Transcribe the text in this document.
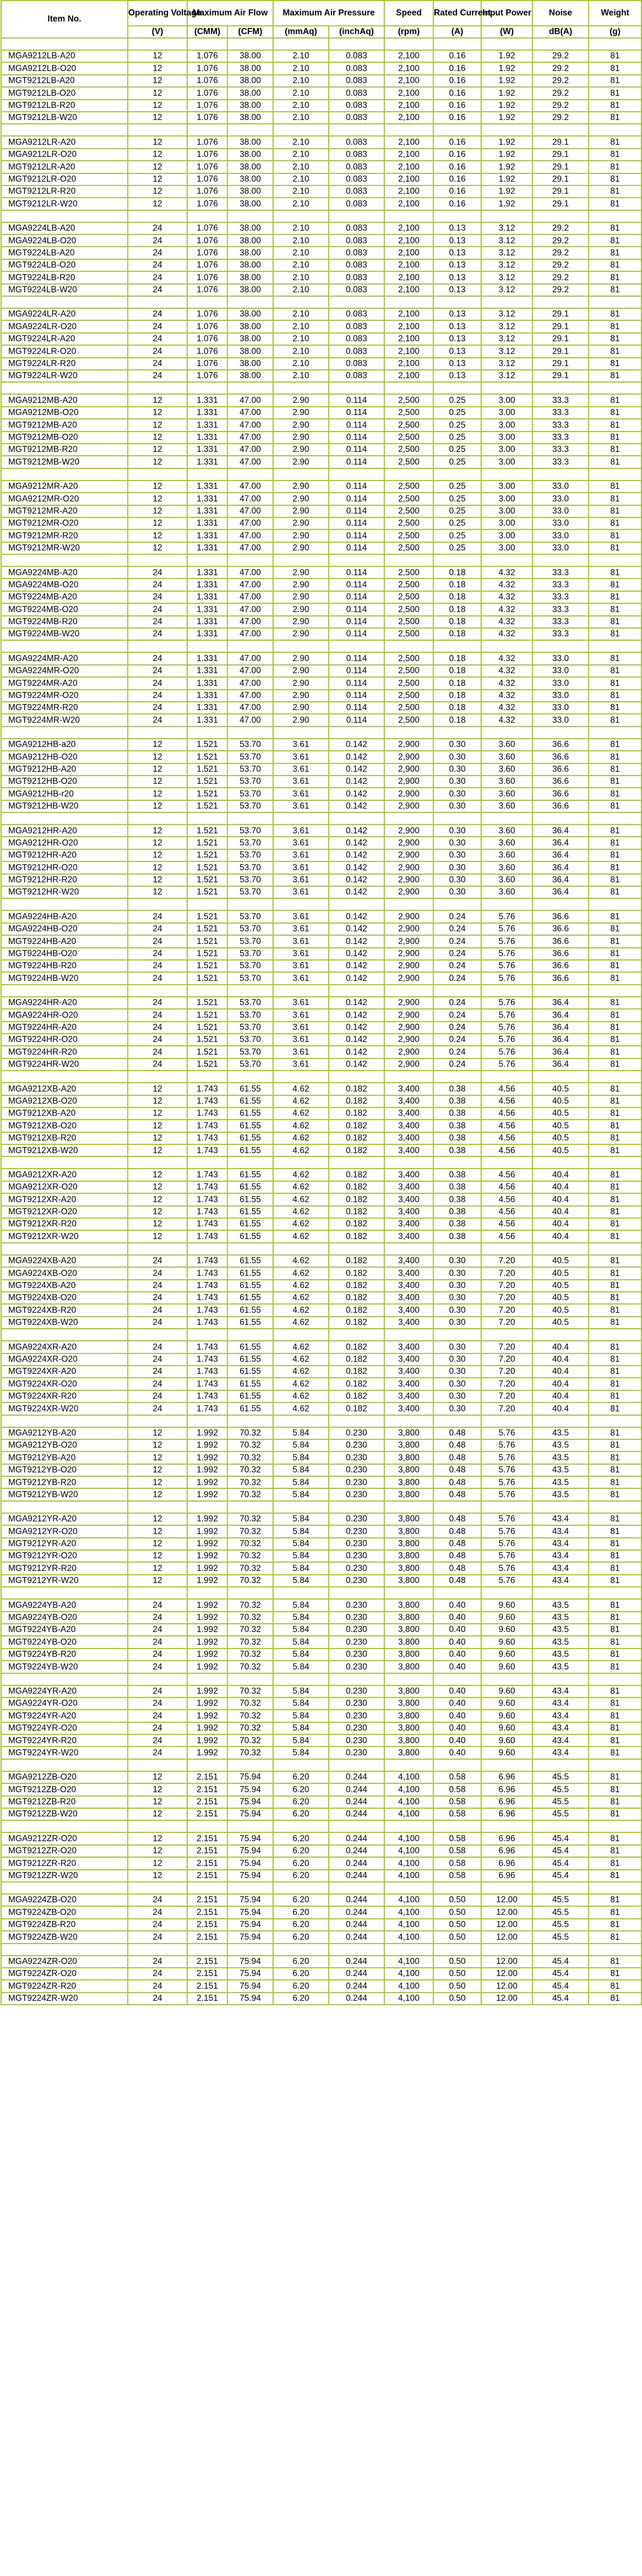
Item No.	Operating Voltage	Maximum Air Flow		Maximum Air Pressure		Speed	Rated Current	Input Power	Noise	Weight
	(V)	(CMM)	(CFM)	(mmAq)	(inchAq)	(rpm)	(A)	(W)	dB(A)	(g)

MGA9212LB-A20	12	1.076	38.00	2.10	0.083	2,100	0.16	1.92	29.2	81
MGA9212LB-O20	12	1.076	38.00	2.10	0.083	2,100	0.16	1.92	29.2	81
MGT9212LB-A20	12	1.076	38.00	2.10	0.083	2,100	0.16	1.92	29.2	81
MGT9212LB-O20	12	1.076	38.00	2.10	0.083	2,100	0.16	1.92	29.2	81
MGT9212LB-R20	12	1.076	38.00	2.10	0.083	2,100	0.16	1.92	29.2	81
MGT9212LB-W20	12	1.076	38.00	2.10	0.083	2,100	0.16	1.92	29.2	81

MGA9212LR-A20	12	1.076	38.00	2.10	0.083	2,100	0.16	1.92	29.1	81
MGA9212LR-O20	12	1.076	38.00	2.10	0.083	2,100	0.16	1.92	29.1	81
MGT9212LR-A20	12	1.076	38.00	2.10	0.083	2,100	0.16	1.92	29.1	81
MGT9212LR-O20	12	1.076	38.00	2.10	0.083	2,100	0.16	1.92	29.1	81
MGT9212LR-R20	12	1.076	38.00	2.10	0.083	2,100	0.16	1.92	29.1	81
MGT9212LR-W20	12	1.076	38.00	2.10	0.083	2,100	0.16	1.92	29.1	81

MGA9224LB-A20	24	1.076	38.00	2.10	0.083	2,100	0.13	3.12	29.2	81
MGA9224LB-O20	24	1.076	38.00	2.10	0.083	2,100	0.13	3.12	29.2	81
MGT9224LB-A20	24	1.076	38.00	2.10	0.083	2,100	0.13	3.12	29.2	81
MGT9224LB-O20	24	1.076	38.00	2.10	0.083	2,100	0.13	3.12	29.2	81
MGT9224LB-R20	24	1.076	38.00	2.10	0.083	2,100	0.13	3.12	29.2	81
MGT9224LB-W20	24	1.076	38.00	2.10	0.083	2,100	0.13	3.12	29.2	81

MGA9224LR-A20	24	1.076	38.00	2.10	0.083	2,100	0.13	3.12	29.1	81
MGA9224LR-O20	24	1.076	38.00	2.10	0.083	2,100	0.13	3.12	29.1	81
MGT9224LR-A20	24	1.076	38.00	2.10	0.083	2,100	0.13	3.12	29.1	81
MGT9224LR-O20	24	1.076	38.00	2.10	0.083	2,100	0.13	3.12	29.1	81
MGT9224LR-R20	24	1.076	38.00	2.10	0.083	2,100	0.13	3.12	29.1	81
MGT9224LR-W20	24	1.076	38.00	2.10	0.083	2,100	0.13	3.12	29.1	81

MGA9212MB-A20	12	1.331	47.00	2.90	0.114	2,500	0.25	3.00	33.3	81
MGA9212MB-O20	12	1.331	47.00	2.90	0.114	2,500	0.25	3.00	33.3	81
MGT9212MB-A20	12	1.331	47.00	2.90	0.114	2,500	0.25	3.00	33.3	81
MGT9212MB-O20	12	1.331	47.00	2.90	0.114	2,500	0.25	3.00	33.3	81
MGT9212MB-R20	12	1.331	47.00	2.90	0.114	2,500	0.25	3.00	33.3	81
MGT9212MB-W20	12	1.331	47.00	2.90	0.114	2,500	0.25	3.00	33.3	81

MGA9212MR-A20	12	1.331	47.00	2.90	0.114	2,500	0.25	3.00	33.0	81
MGA9212MR-O20	12	1.331	47.00	2.90	0.114	2,500	0.25	3.00	33.0	81
MGT9212MR-A20	12	1.331	47.00	2.90	0.114	2,500	0.25	3.00	33.0	81
MGT9212MR-O20	12	1.331	47.00	2.90	0.114	2,500	0.25	3.00	33.0	81
MGT9212MR-R20	12	1.331	47.00	2.90	0.114	2,500	0.25	3.00	33.0	81
MGT9212MR-W20	12	1.331	47.00	2.90	0.114	2,500	0.25	3.00	33.0	81

MGA9224MB-A20	24	1.331	47.00	2.90	0.114	2,500	0.18	4.32	33.3	81
MGA9224MB-O20	24	1.331	47.00	2.90	0.114	2,500	0.18	4.32	33.3	81
MGT9224MB-A20	24	1.331	47.00	2.90	0.114	2,500	0.18	4.32	33.3	81
MGT9224MB-O20	24	1.331	47.00	2.90	0.114	2,500	0.18	4.32	33.3	81
MGT9224MB-R20	24	1.331	47.00	2.90	0.114	2,500	0.18	4.32	33.3	81
MGT9224MB-W20	24	1.331	47.00	2.90	0.114	2,500	0.18	4.32	33.3	81

MGA9224MR-A20	24	1.331	47.00	2.90	0.114	2,500	0.18	4.32	33.0	81
MGA9224MR-O20	24	1.331	47.00	2.90	0.114	2,500	0.18	4.32	33.0	81
MGT9224MR-A20	24	1.331	47.00	2.90	0.114	2,500	0.18	4.32	33.0	81
MGT9224MR-O20	24	1.331	47.00	2.90	0.114	2,500	0.18	4.32	33.0	81
MGT9224MR-R20	24	1.331	47.00	2.90	0.114	2,500	0.18	4.32	33.0	81
MGT9224MR-W20	24	1.331	47.00	2.90	0.114	2,500	0.18	4.32	33.0	81

MGA9212HB-a20	12	1.521	53.70	3.61	0.142	2,900	0.30	3.60	36.6	81
MGA9212HB-O20	12	1.521	53.70	3.61	0.142	2,900	0.30	3.60	36.6	81
MGT9212HB-A20	12	1.521	53.70	3.61	0.142	2,900	0.30	3.60	36.6	81
MGT9212HB-O20	12	1.521	53.70	3.61	0.142	2,900	0.30	3.60	36.6	81
MGA9212HB-r20	12	1.521	53.70	3.61	0.142	2,900	0.30	3.60	36.6	81
MGT9212HB-W20	12	1.521	53.70	3.61	0.142	2,900	0.30	3.60	36.6	81

MGA9212HR-A20	12	1.521	53.70	3.61	0.142	2,900	0.30	3.60	36.4	81
MGA9212HR-O20	12	1.521	53.70	3.61	0.142	2,900	0.30	3.60	36.4	81
MGT9212HR-A20	12	1.521	53.70	3.61	0.142	2,900	0.30	3.60	36.4	81
MGT9212HR-O20	12	1.521	53.70	3.61	0.142	2,900	0.30	3.60	36.4	81
MGT9212HR-R20	12	1.521	53.70	3.61	0.142	2,900	0.30	3.60	36.4	81
MGT9212HR-W20	12	1.521	53.70	3.61	0.142	2,900	0.30	3.60	36.4	81

MGA9224HB-A20	24	1.521	53.70	3.61	0.142	2,900	0.24	5.76	36.6	81
MGA9224HB-O20	24	1.521	53.70	3.61	0.142	2,900	0.24	5.76	36.6	81
MGT9224HB-A20	24	1.521	53.70	3.61	0.142	2,900	0.24	5.76	36.6	81
MGT9224HB-O20	24	1.521	53.70	3.61	0.142	2,900	0.24	5.76	36.6	81
MGT9224HB-R20	24	1.521	53.70	3.61	0.142	2,900	0.24	5.76	36.6	81
MGT9224HB-W20	24	1.521	53.70	3.61	0.142	2,900	0.24	5.76	36.6	81

MGA9224HR-A20	24	1.521	53.70	3.61	0.142	2,900	0.24	5.76	36.4	81
MGA9224HR-O20	24	1.521	53.70	3.61	0.142	2,900	0.24	5.76	36.4	81
MGT9224HR-A20	24	1.521	53.70	3.61	0.142	2,900	0.24	5.76	36.4	81
MGT9224HR-O20	24	1.521	53.70	3.61	0.142	2,900	0.24	5.76	36.4	81
MGT9224HR-R20	24	1.521	53.70	3.61	0.142	2,900	0.24	5.76	36.4	81
MGT9224HR-W20	24	1.521	53.70	3.61	0.142	2,900	0.24	5.76	36.4	81

MGA9212XB-A20	12	1.743	61.55	4.62	0.182	3,400	0.38	4.56	40.5	81
MGA9212XB-O20	12	1.743	61.55	4.62	0.182	3,400	0.38	4.56	40.5	81
MGT9212XB-A20	12	1.743	61.55	4.62	0.182	3,400	0.38	4.56	40.5	81
MGT9212XB-O20	12	1.743	61.55	4.62	0.182	3,400	0.38	4.56	40.5	81
MGT9212XB-R20	12	1.743	61.55	4.62	0.182	3,400	0.38	4.56	40.5	81
MGT9212XB-W20	12	1.743	61.55	4.62	0.182	3,400	0.38	4.56	40.5	81

MGA9212XR-A20	12	1.743	61.55	4.62	0.182	3,400	0.38	4.56	40.4	81
MGA9212XR-O20	12	1.743	61.55	4.62	0.182	3,400	0.38	4.56	40.4	81
MGT9212XR-A20	12	1.743	61.55	4.62	0.182	3,400	0.38	4.56	40.4	81
MGT9212XR-O20	12	1.743	61.55	4.62	0.182	3,400	0.38	4.56	40.4	81
MGT9212XR-R20	12	1.743	61.55	4.62	0.182	3,400	0.38	4.56	40.4	81
MGT9212XR-W20	12	1.743	61.55	4.62	0.182	3,400	0.38	4.56	40.4	81

MGA9224XB-A20	24	1.743	61.55	4.62	0.182	3,400	0.30	7.20	40.5	81
MGA9224XB-O20	24	1.743	61.55	4.62	0.182	3,400	0.30	7.20	40.5	81
MGT9224XB-A20	24	1.743	61.55	4.62	0.182	3,400	0.30	7.20	40.5	81
MGT9224XB-O20	24	1.743	61.55	4.62	0.182	3,400	0.30	7.20	40.5	81
MGT9224XB-R20	24	1.743	61.55	4.62	0.182	3,400	0.30	7.20	40.5	81
MGT9224XB-W20	24	1.743	61.55	4.62	0.182	3,400	0.30	7.20	40.5	81

MGA9224XR-A20	24	1.743	61.55	4.62	0.182	3,400	0.30	7.20	40.4	81
MGA9224XR-O20	24	1.743	61.55	4.62	0.182	3,400	0.30	7.20	40.4	81
MGT9224XR-A20	24	1.743	61.55	4.62	0.182	3,400	0.30	7.20	40.4	81
MGT9224XR-O20	24	1.743	61.55	4.62	0.182	3,400	0.30	7.20	40.4	81
MGT9224XR-R20	24	1.743	61.55	4.62	0.182	3,400	0.30	7.20	40.4	81
MGT9224XR-W20	24	1.743	61.55	4.62	0.182	3,400	0.30	7.20	40.4	81

MGA9212YB-A20	12	1.992	70.32	5.84	0.230	3,800	0.48	5.76	43.5	81
MGA9212YB-O20	12	1.992	70.32	5.84	0.230	3,800	0.48	5.76	43.5	81
MGT9212YB-A20	12	1.992	70.32	5.84	0.230	3,800	0.48	5.76	43.5	81
MGT9212YB-O20	12	1.992	70.32	5.84	0.230	3,800	0.48	5.76	43.5	81
MGT9212YB-R20	12	1.992	70.32	5.84	0.230	3,800	0.48	5.76	43.5	81
MGT9212YB-W20	12	1.992	70.32	5.84	0.230	3,800	0.48	5.76	43.5	81

MGA9212YR-A20	12	1.992	70.32	5.84	0.230	3,800	0.48	5.76	43.4	81
MGA9212YR-O20	12	1.992	70.32	5.84	0.230	3,800	0.48	5.76	43.4	81
MGT9212YR-A20	12	1.992	70.32	5.84	0.230	3,800	0.48	5.76	43.4	81
MGT9212YR-O20	12	1.992	70.32	5.84	0.230	3,800	0.48	5.76	43.4	81
MGT9212YR-R20	12	1.992	70.32	5.84	0.230	3,800	0.48	5.76	43.4	81
MGT9212YR-W20	12	1.992	70.32	5.84	0.230	3,800	0.48	5.76	43.4	81

MGA9224YB-A20	24	1.992	70.32	5.84	0.230	3,800	0.40	9.60	43.5	81
MGA9224YB-O20	24	1.992	70.32	5.84	0.230	3,800	0.40	9.60	43.5	81
MGT9224YB-A20	24	1.992	70.32	5.84	0.230	3,800	0.40	9.60	43.5	81
MGT9224YB-O20	24	1.992	70.32	5.84	0.230	3,800	0.40	9.60	43.5	81
MGT9224YB-R20	24	1.992	70.32	5.84	0.230	3,800	0.40	9.60	43.5	81
MGT9224YB-W20	24	1.992	70.32	5.84	0.230	3,800	0.40	9.60	43.5	81

MGA9224YR-A20	24	1.992	70.32	5.84	0.230	3,800	0.40	9.60	43.4	81
MGA9224YR-O20	24	1.992	70.32	5.84	0.230	3,800	0.40	9.60	43.4	81
MGT9224YR-A20	24	1.992	70.32	5.84	0.230	3,800	0.40	9.60	43.4	81
MGT9224YR-O20	24	1.992	70.32	5.84	0.230	3,800	0.40	9.60	43.4	81
MGT9224YR-R20	24	1.992	70.32	5.84	0.230	3,800	0.40	9.60	43.4	81
MGT9224YR-W20	24	1.992	70.32	5.84	0.230	3,800	0.40	9.60	43.4	81

MGA9212ZB-O20	12	2.151	75.94	6.20	0.244	4,100	0.58	6.96	45.5	81
MGT9212ZB-O20	12	2.151	75.94	6.20	0.244	4,100	0.58	6.96	45.5	81
MGT9212ZB-R20	12	2.151	75.94	6.20	0.244	4,100	0.58	6.96	45.5	81
MGT9212ZB-W20	12	2.151	75.94	6.20	0.244	4,100	0.58	6.96	45.5	81

MGA9212ZR-O20	12	2.151	75.94	6.20	0.244	4,100	0.58	6.96	45.4	81
MGT9212ZR-O20	12	2.151	75.94	6.20	0.244	4,100	0.58	6.96	45.4	81
MGT9212ZR-R20	12	2.151	75.94	6.20	0.244	4,100	0.58	6.96	45.4	81
MGT9212ZR-W20	12	2.151	75.94	6.20	0.244	4,100	0.58	6.96	45.4	81

MGA9224ZB-O20	24	2.151	75.94	6.20	0.244	4,100	0.50	12.00	45.5	81
MGT9224ZB-O20	24	2.151	75.94	6.20	0.244	4,100	0.50	12.00	45.5	81
MGT9224ZB-R20	24	2.151	75.94	6.20	0.244	4,100	0.50	12.00	45.5	81
MGT9224ZB-W20	24	2.151	75.94	6.20	0.244	4,100	0.50	12.00	45.5	81

MGA9224ZR-O20	24	2.151	75.94	6.20	0.244	4,100	0.50	12.00	45.4	81
MGT9224ZR-O20	24	2.151	75.94	6.20	0.244	4,100	0.50	12.00	45.4	81
MGT9224ZR-R20	24	2.151	75.94	6.20	0.244	4,100	0.50	12.00	45.4	81
MGT9224ZR-W20	24	2.151	75.94	6.20	0.244	4,100	0.50	12.00	45.4	81
